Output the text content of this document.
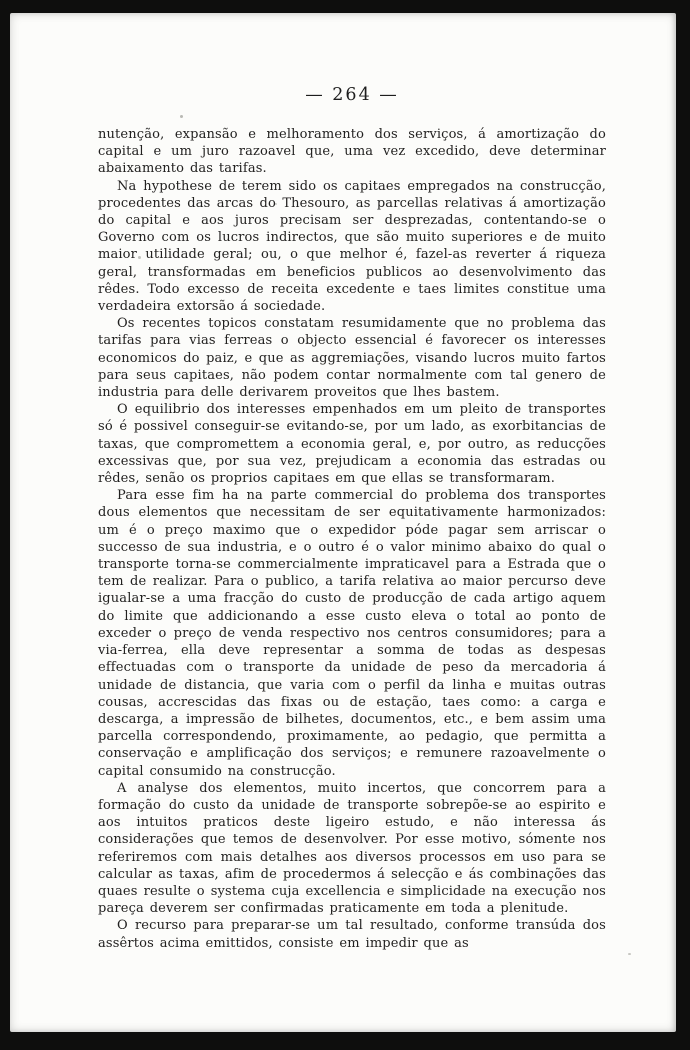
— 264 —

nutenção, expansão e melhoramento dos serviços, á amortização do capital e um juro razoavel que, uma vez excedido, deve determinar abaixamento das tarifas.

Na hypothese de terem sido os capitaes empregados na construcção, procedentes das arcas do Thesouro, as parcellas relativas á amortização do capital e aos juros precisam ser desprezadas, contentando-se o Governo com os lucros indirectos, que são muito superiores e de muito maior utilidade geral; ou, o que melhor é, fazel-as reverter á riqueza geral, transformadas em beneficios publicos ao desenvolvimento das rêdes. Todo excesso de receita excedente e taes limites constitue uma verdadeira extorsão á sociedade.

Os recentes topicos constatam resumidamente que no problema das tarifas para vias ferreas o objecto essencial é favorecer os interesses economicos do paiz, e que as aggremiações, visando lucros muito fartos para seus capitaes, não podem contar normalmente com tal genero de industria para delle derivarem proveitos que lhes bastem.

O equilibrio dos interesses empenhados em um pleito de transportes só é possivel conseguir-se evitando-se, por um lado, as exorbitancias de taxas, que compromettem a economia geral, e, por outro, as reducções excessivas que, por sua vez, prejudicam a economia das estradas ou rêdes, senão os proprios capitaes em que ellas se transformaram.

Para esse fim ha na parte commercial do problema dos transportes dous elementos que necessitam de ser equitativamente harmonizados: um é o preço maximo que o expedidor póde pagar sem arriscar o successo de sua industria, e o outro é o valor minimo abaixo do qual o transporte torna-se commercialmente impraticavel para a Estrada que o tem de realizar. Para o publico, a tarifa relativa ao maior percurso deve igualar-se a uma fracção do custo de producção de cada artigo aquem do limite que addicionando a esse custo eleva o total ao ponto de exceder o preço de venda respectivo nos centros consumidores; para a via-ferrea, ella deve representar a somma de todas as despesas effectuadas com o transporte da unidade de peso da mercadoria á unidade de distancia, que varia com o perfil da linha e muitas outras cousas, accrescidas das fixas ou de estação, taes como: a carga e descarga, a impressão de bilhetes, documentos, etc., e bem assim uma parcella correspondendo, proximamente, ao pedagio, que permitta a conservação e amplificação dos serviços; e remunere razoavelmente o capital consumido na construcção.

A analyse dos elementos, muito incertos, que concorrem para a formação do custo da unidade de transporte sobrepõe-se ao espirito e aos intuitos praticos deste ligeiro estudo, e não interessa ás considerações que temos de desenvolver. Por esse motivo, sómente nos referiremos com mais detalhes aos diversos processos em uso para se calcular as taxas, afim de procedermos á selecção e ás combinações das quaes resulte o systema cuja excellencia e simplicidade na execução nos pareça deverem ser confirmadas praticamente em toda a plenitude.

O recurso para preparar-se um tal resultado, conforme transúda dos assêrtos acima emittidos, consiste em impedir que as
